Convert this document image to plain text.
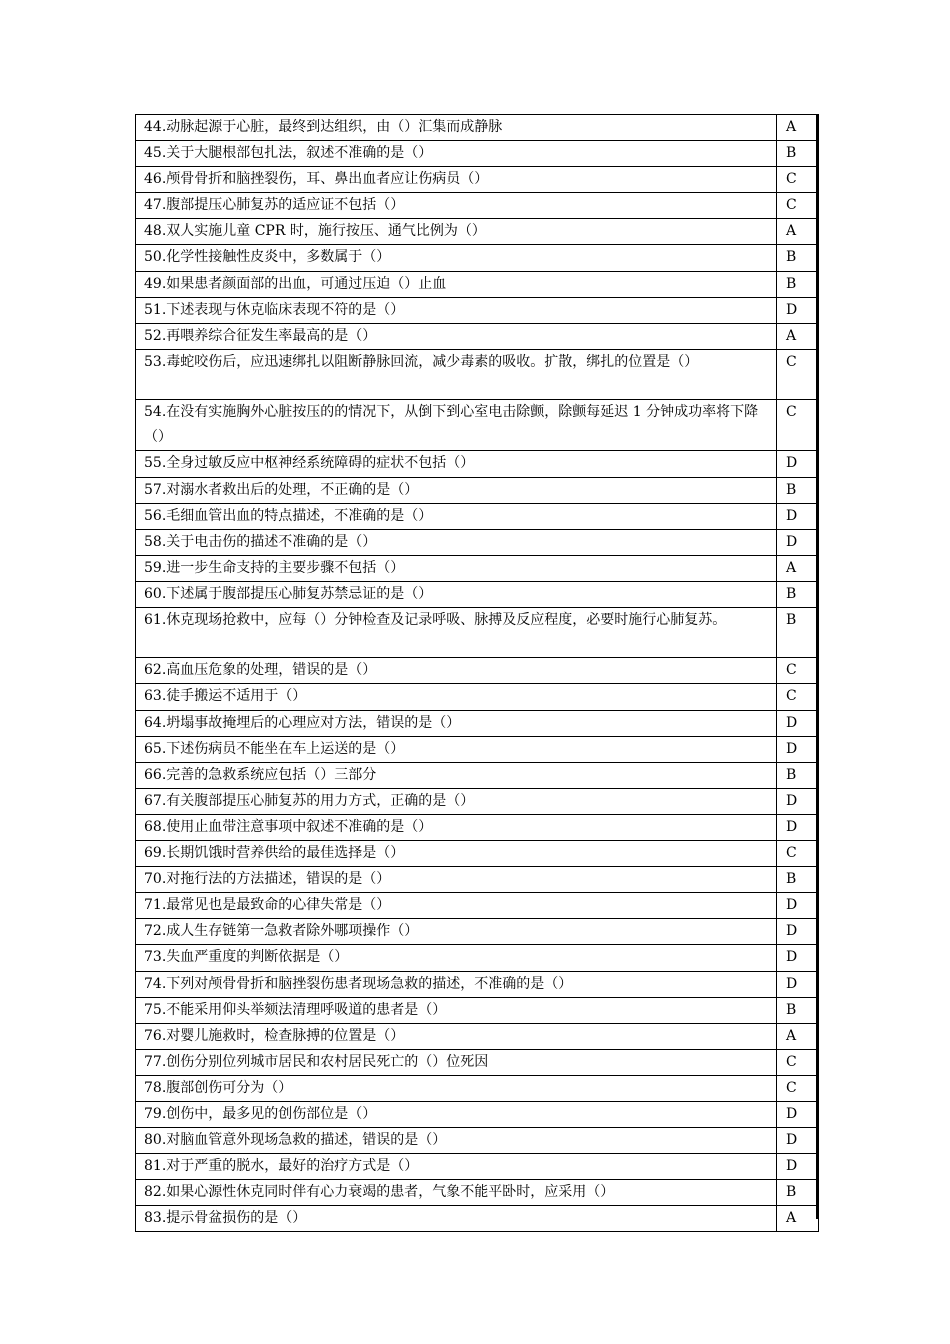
44.动脉起源于心脏，最终到达组织，由（）汇集而成静脉	A
45.关于大腿根部包扎法，叙述不准确的是（）	B
46.颅骨骨折和脑挫裂伤，耳、鼻出血者应让伤病员（）	C
47.腹部提压心肺复苏的适应证不包括（）	C
48.双人实施儿童 CPR 时，施行按压、通气比例为（）	A
50.化学性接触性皮炎中，多数属于（）	B
49.如果患者颜面部的出血，可通过压迫（）止血	B
51.下述表现与休克临床表现不符的是（）	D
52.再喂养综合征发生率最高的是（）	A
53.毒蛇咬伤后，应迅速绑扎以阻断静脉回流，减少毒素的吸收。扩散，绑扎的位置是（）	C
54.在没有实施胸外心脏按压的的情况下，从倒下到心室电击除颤，除颤每延迟 1 分钟成功率将下降（）	C
55.全身过敏反应中枢神经系统障碍的症状不包括（）	D
57.对溺水者救出后的处理，不正确的是（）	B
56.毛细血管出血的特点描述，不准确的是（）	D
58.关于电击伤的描述不准确的是（）	D
59.进一步生命支持的主要步骤不包括（）	A
60.下述属于腹部提压心肺复苏禁忌证的是（）	B
61.休克现场抢救中，应每（）分钟检查及记录呼吸、脉搏及反应程度，必要时施行心肺复苏。	B
62.高血压危象的处理，错误的是（）	C
63.徒手搬运不适用于（）	C
64.坍塌事故掩埋后的心理应对方法，错误的是（）	D
65.下述伤病员不能坐在车上运送的是（）	D
66.完善的急救系统应包括（）三部分	B
67.有关腹部提压心肺复苏的用力方式，正确的是（）	D
68.使用止血带注意事项中叙述不准确的是（）	D
69.长期饥饿时营养供给的最佳选择是（）	C
70.对拖行法的方法描述，错误的是（）	B
71.最常见也是最致命的心律失常是（）	D
72.成人生存链第一急救者除外哪项操作（）	D
73.失血严重度的判断依据是（）	D
74.下列对颅骨骨折和脑挫裂伤患者现场急救的描述，不准确的是（）	D
75.不能采用仰头举颏法清理呼吸道的患者是（）	B
76.对婴儿施救时，检查脉搏的位置是（）	A
77.创伤分别位列城市居民和农村居民死亡的（）位死因	C
78.腹部创伤可分为（）	C
79.创伤中，最多见的创伤部位是（）	D
80.对脑血管意外现场急救的描述，错误的是（）	D
81.对于严重的脱水，最好的治疗方式是（）	D
82.如果心源性休克同时伴有心力衰竭的患者，气象不能平卧时，应采用（）	B
83.提示骨盆损伤的是（）	A
